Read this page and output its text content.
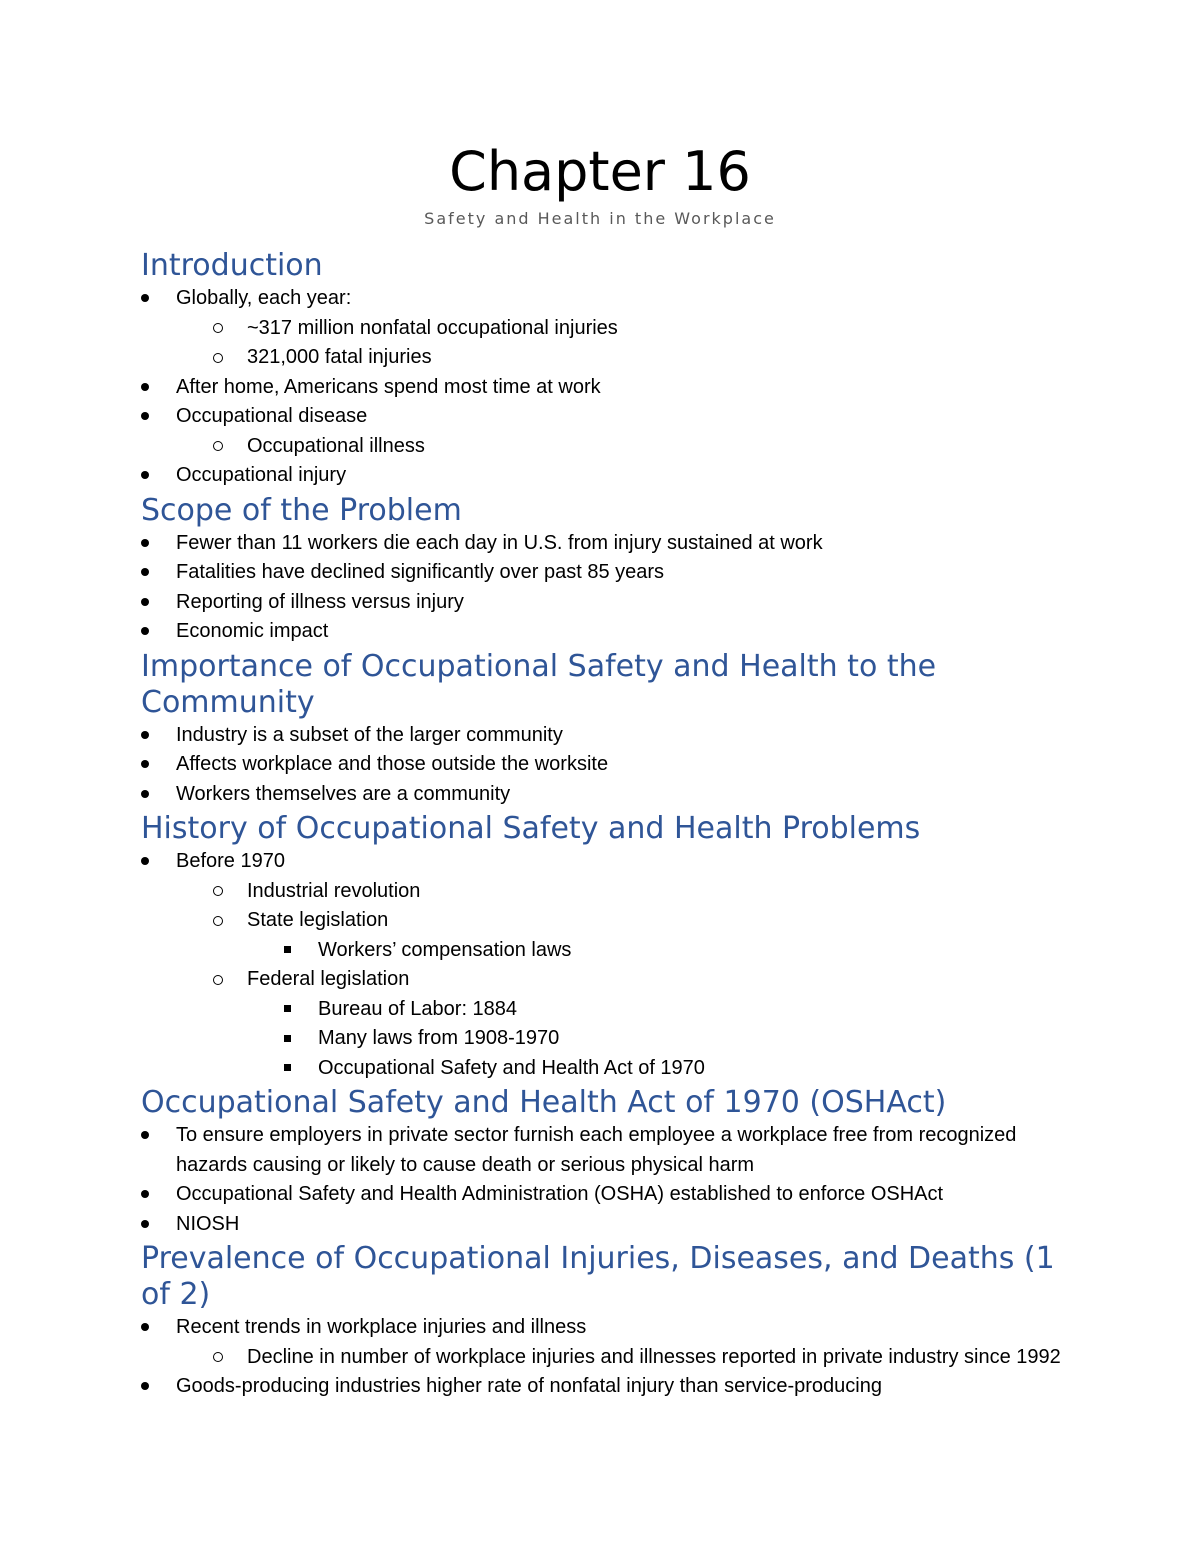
Chapter 16
Safety and Health in the Workplace
Introduction
Globally, each year:
~317 million nonfatal occupational injuries
321,000 fatal injuries
After home, Americans spend most time at work
Occupational disease
Occupational illness
Occupational injury
Scope of the Problem
Fewer than 11 workers die each day in U.S. from injury sustained at work
Fatalities have declined significantly over past 85 years
Reporting of illness versus injury
Economic impact
Importance of Occupational Safety and Health to the Community
Industry is a subset of the larger community
Affects workplace and those outside the worksite
Workers themselves are a community
History of Occupational Safety and Health Problems
Before 1970
Industrial revolution
State legislation
Workers’ compensation laws
Federal legislation
Bureau of Labor: 1884
Many laws from 1908-1970
Occupational Safety and Health Act of 1970
Occupational Safety and Health Act of 1970 (OSHAct)
To ensure employers in private sector furnish each employee a workplace free from recognized hazards causing or likely to cause death or serious physical harm
Occupational Safety and Health Administration (OSHA) established to enforce OSHAct
NIOSH
Prevalence of Occupational Injuries, Diseases, and Deaths (1 of 2)
Recent trends in workplace injuries and illness
Decline in number of workplace injuries and illnesses reported in private industry since 1992
Goods-producing industries higher rate of nonfatal injury than service-producing
